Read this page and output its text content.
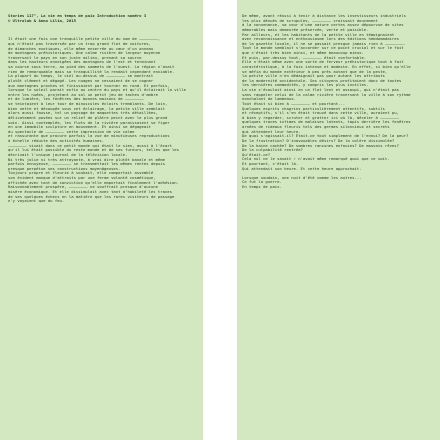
Stories 117°, La vie en temps de paix Introduction numéro 3
© Ultralab & Anna Lilia, 2015
Il était une fois une tranquille petite ville du nom de ————————,
qui n'était pas traversée par un trop grand flot de voitures,
de dimanches exotiques, elle même enserrée au cœur d'un anneau
de montagnes préhistoriques. Une calme rivière de largeur moyenne
traversait le pays en son juste milieu, prenant sa source
dans les hauteurs enneigées des montagnes de l'est et terminant
sa course sous terre, au pied des sommets de l'ouest. La région n'avait
rien de remarquable mais sa tranquillité la rendait cependant enviable.
La plupart du temps, le ciel au-dessus de ———————— se montrait
plutôt clément et dégagé. Les nuages ne cessaient de se cogner
aux montagnes proches et finissaient par tourner en rond. Et parfois,
lorsque le soleil parait enfin au centre du pays et qu'il éclairait la ville
entre les nuées, projetant au sol un petit jeu de taches d'ombre
et de lumière, les fenêtres des bonnes maisons de ————————
se teintaient à leur tour de minuscules éclairs tremblants. De loin,
bien nette et découpée sous cet éclairage, la petite ville semblait
alors aussi fausse, tel un paysage de maquettes très détaillées,
délicatement posées sur un relief de plâtre peint avec le plus grand
soin. Ainsi contemplée, les flots de la rivière paraissaient se figer
en une immobile sculpture en mouvement. Et ainsi se dégageait
du spectacle de ———————— cette impression de vie calme
et rassurante que procure parfois la vue de minutieuses reproductions
à échelle réduite des activités humaines.
———————— vivait dans ce petit monde qui était le sien, aussi à l'écart
qu'il lui était possible du reste monde et de ses fureurs, telles que les
décrivait l'unique journal de la télévision locale.
Ni très jolie ni très attrayante, à vrai dire plutôt banale et même
parfois ennuyeuse, ———————— se transmettait les mêmes rentes depuis
presque perpétue ses constructions moyenâgeuses.
Toujours propre et fleurie à souhait, elle comportait assemblé
son évident manque d'attraits par une ferme volonté cosmétique,
affichée avec tant de conviction qu'elle emportait finalement l'adhésion.
Raisonnablement prospère, ———————— ne souffrait presque d'aucune
misère économique. Et elle dissimulait avec tant d'habileté les traces
de ses quelques échecs en la matière que les rares visiteurs de passage
n'y voyaient que du feu.
De même, avant réussi à tenir à distance les investisseurs industriels
les plus dénués de scrupules, ———————— croissait doucement
à la convenance, sa cour d'une nature certes assez dépourvue de sites
mémorables mais demeurée préservée, verte et paisible.
Par ailleurs, et les habitants de la petite ville en témoignaient
avec reconnaissance et enthousiasme lors des éditions hebdomadaires
de la gazette locale, il ne se passait presque jamais rien à ————————.
Tout le monde semblait s'accorder sur ce point crucial et sur le fait
que c'était très bien ainsi, et même beaucoup mieux.
Et puis, par-dessus tout, ———————— était confortable.
Elle n'était même avec une sorte de ferveur préhistorique tout à fait
caractéristique, à la fois intense et modeste. En effet, si bien qu'elle
se méfia du monde extérieur à peu près autant que de la peste,
la petite ville n'en dédaignait pas pour autant les attributs
de la modernité occidentale. Ses citoyens profitaient donc de toutes
les dernières commodités, y compris les plus inutiles.
La vie s'écoulait ainsi en un flot lent et assoupi, qui n'était pas
sans rappeler celui de la calme rivière traversant la ville à son rythme
nonchalant de lambeaux.
Tout était si bien à ———————— et pourtant...
Quelques esprits chagrins particulièrement attentifs, subtils
et réceptifs, s'il s'en était trouvé dans cette ville, auraient pu,
à bien y regarder, scruter et gratter ici où là, déceler à ————————
quelques traces infimes de malaises latents, tapis derrière les fenêtres
ornées de rideaux fleuris tels des germes silencieux et secrets
qui attendent leur heure.
De quoi s'agissait-il? Était-ce tout simplement de l'ennui? De la peur?
De la frustration? D'inavouables désirs? De la colère dissimulée?
De la haine cachée? De sombres rancunes enfouies? De mauvais rêves?
De la culpabilité rentrée?
Qu'était-ce?
Cela nul ne le savait ✓ n'avait même remarqué quoi que ce soit.
Et pourtant, c'était là.
Qui attendait son heure. Et cette heure approchait.
Lorsque soudain, une nuit d'été comme les autres...
Ce fut la guerre.
En temps de paix.
